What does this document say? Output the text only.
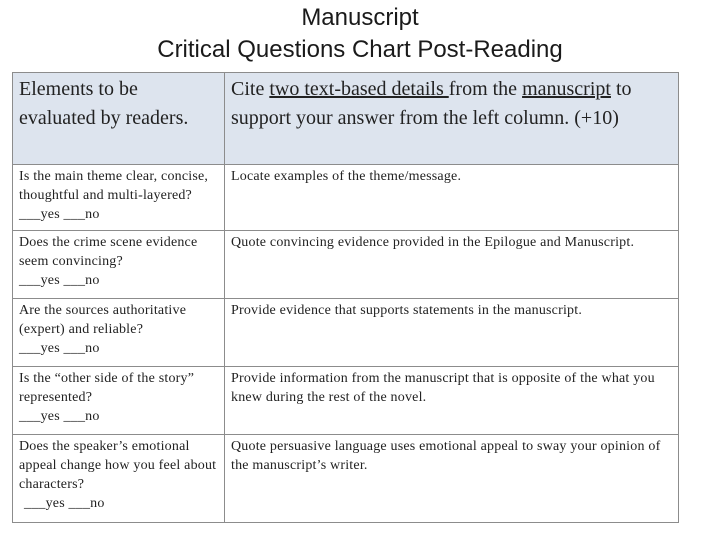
Manuscript
Critical Questions Chart Post-Reading
Elements to be evaluated by readers.	Cite two text-based details from the manuscript to support your answer from the left column. (+10)
Is the main theme clear, concise, thoughtful and multi-layered? ___yes ___no	Locate examples of the theme/message.

Does the crime scene evidence seem convincing?
___yes ___no	Quote convincing evidence provided in the Epilogue and Manuscript.

Are the sources authoritative (expert) and reliable?
___yes ___no	Provide evidence that supports statements in the manuscript.

Is the “other side of the story” represented?
___yes ___no	Provide information from the manuscript that is opposite of the what you knew during the rest of the novel.

Does the speaker’s emotional appeal change how you feel about characters?
___yes ___no	Quote persuasive language uses emotional appeal to sway your opinion of the manuscript’s writer.
